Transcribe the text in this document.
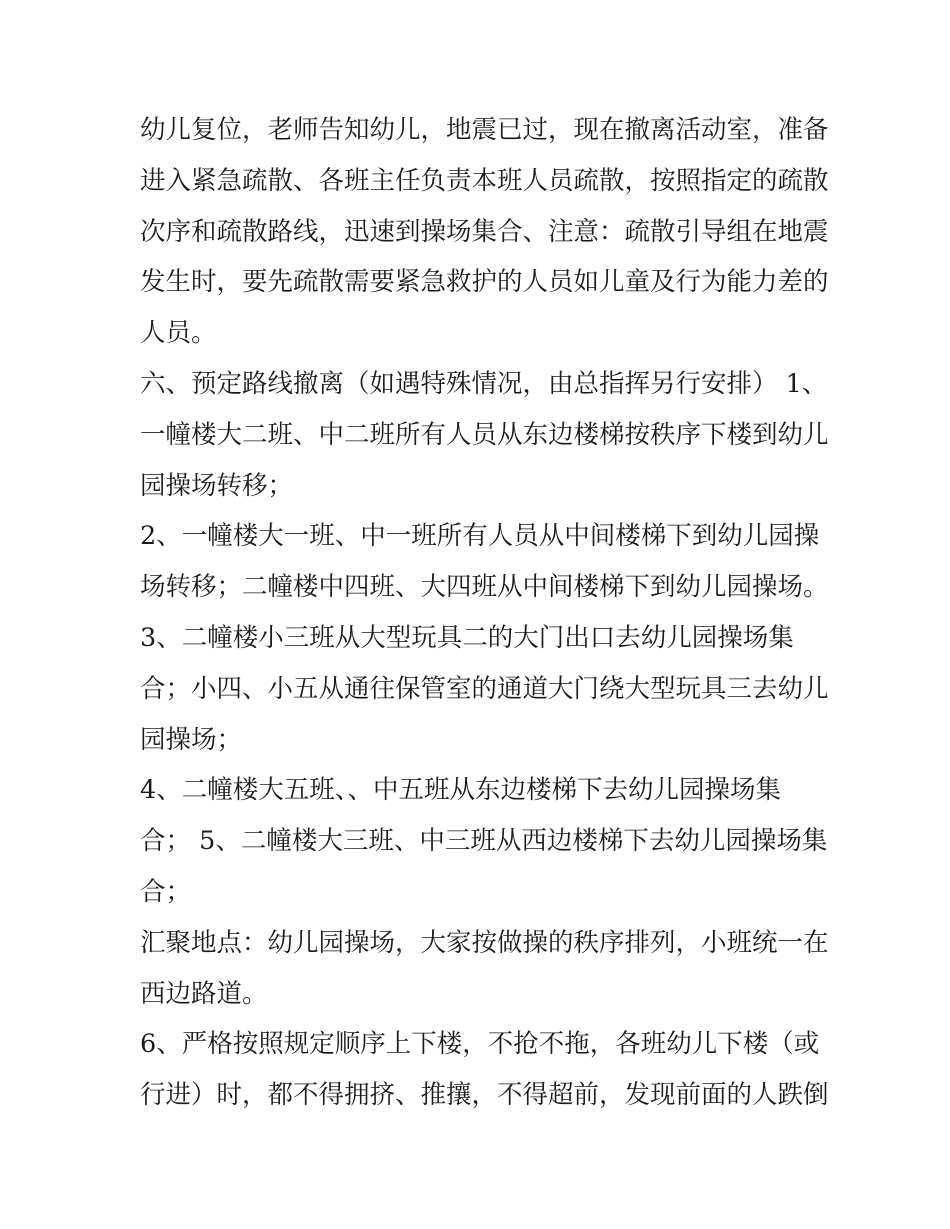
幼儿复位，老师告知幼儿，地震已过，现在撤离活动室，准备
进入紧急疏散、各班主任负责本班人员疏散，按照指定的疏散
次序和疏散路线，迅速到操场集合、注意：疏散引导组在地震
发生时，要先疏散需要紧急救护的人员如儿童及行为能力差的
人员。
六、预定路线撤离（如遇特殊情况，由总指挥另行安排） 1、
一幢楼大二班、中二班所有人员从东边楼梯按秩序下楼到幼儿
园操场转移；
2、一幢楼大一班、中一班所有人员从中间楼梯下到幼儿园操
场转移；二幢楼中四班、大四班从中间楼梯下到幼儿园操场。
3、二幢楼小三班从大型玩具二的大门出口去幼儿园操场集
合；小四、小五从通往保管室的通道大门绕大型玩具三去幼儿
园操场；
4、二幢楼大五班、、中五班从东边楼梯下去幼儿园操场集
合； 5、二幢楼大三班、中三班从西边楼梯下去幼儿园操场集
合；
汇聚地点：幼儿园操场，大家按做操的秩序排列，小班统一在
西边路道。
6、严格按照规定顺序上下楼，不抢不拖，各班幼儿下楼（或
行进）时，都不得拥挤、推攘，不得超前，发现前面的人跌倒
